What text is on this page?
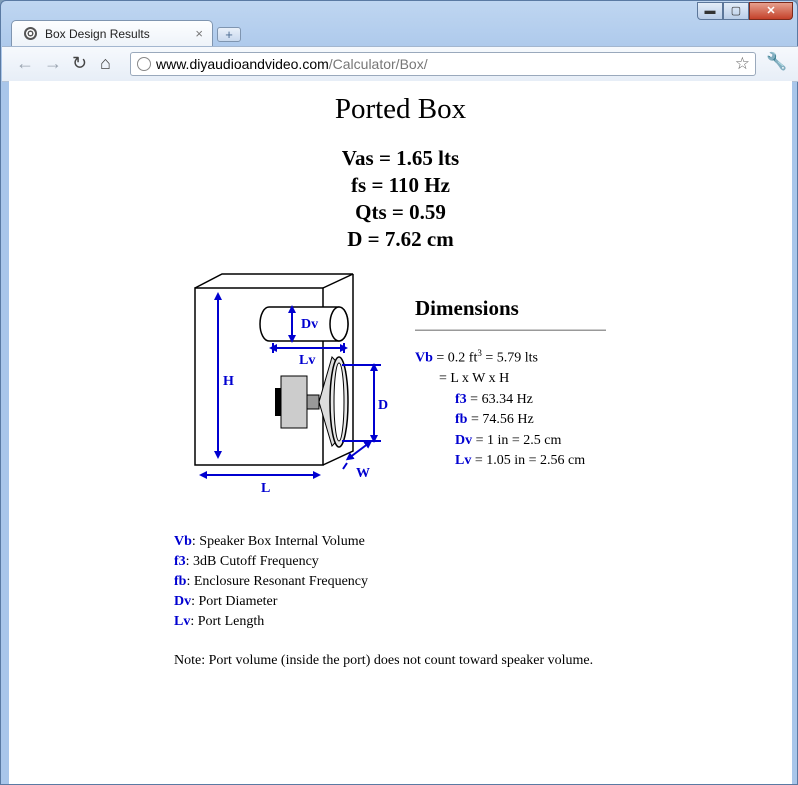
Box Design Results	×	+
▬	▢	✕
← → ↻ ⌂	www.diyaudioandvideo.com/Calculator/Box/	☆ 🔧
Ported Box
Vas = 1.65 lts
fs = 110 Hz
Qts = 0.59
D = 7.62 cm
H
L
W
D
Dv
Lv
Dimensions
Vb = 0.2 $ft^3 = 5.79$ lts
= L x W x H
f3 = 63.34 Hz
fb = 74.56 Hz
Dv = 1 in = 2.5 cm
Lv = 1.05 in = 2.56 cm
Vb: Speaker Box Internal Volume
f3: 3dB Cutoff Frequency
fb: Enclosure Resonant Frequency
Dv: Port Diameter
Lv: Port Length
Note: Port volume (inside the port) does not count toward speaker volume.
